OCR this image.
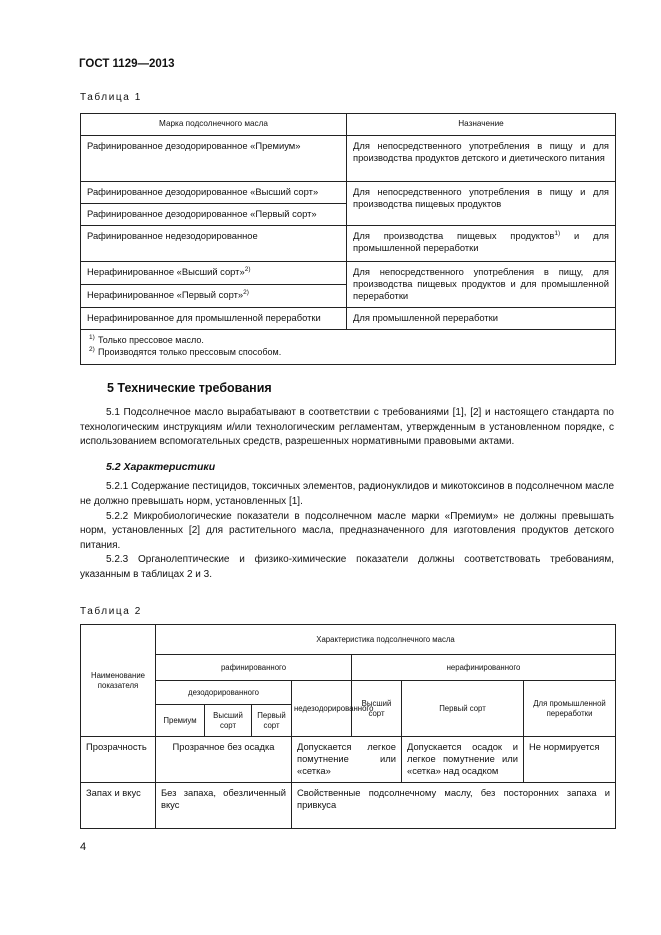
ГОСТ 1129—2013
Таблица 1
Марка подсолнечного масла	Назначение
Рафинированное дезодорированное «Премиум»	Для непосредственного употребления в пищу и для производства продуктов детского и диетического питания
Рафинированное дезодорированное «Высший сорт»	Для непосредственного употребления в пищу и для производства пищевых продуктов
Рафинированное дезодорированное «Первый сорт»	
Рафинированное недезодорированное	Для производства пищевых продуктов$^{1)}$ и для промышленной переработки
Нерафинированное «Высший сорт»$^{2)}$	Для непосредственного употребления в пищу, для производства пищевых продуктов и для промышленной переработки
Нерафинированное «Первый сорт»$^{2)}$
Нерафинированное для промышленной переработки	Для промышленной переработки

1) Только прессовое масло.
2) Производятся только прессовым способом.	
5 Технические требования

5.1 Подсолнечное масло вырабатывают в соответствии с требованиями [1], [2] и настоящего стандарта по технологическим инструкциям и/или технологическим регламентам, утвержденным в установленном порядке, с использованием вспомогательных средств, разрешенных нормативными правовыми актами.

5.2 Характеристики

5.2.1 Содержание пестицидов, токсичных элементов, радионуклидов и микотоксинов в подсолнечном масле не должно превышать норм, установленных [1].

5.2.2 Микробиологические показатели в подсолнечном масле марки «Премиум» не должны превышать норм, установленных [2] для растительного масла, предназначенного для изготовления продуктов детского питания.

5.2.3 Органолептические и физико-химические показатели должны соответствовать требованиям, указанным в таблицах 2 и 3.

Таблица 2
Наименование показателя	Характеристика подсолнечного масла						
	рафинированного				нерафинированного		
	дезодорированного			недезодорированного	Высший сорт	Первый сорт	Для промышленной переработки
	Премиум	Высший сорт	Первый сорт				
Прозрачность	Прозрачное без осадка			Допускается легкое помутнение или «сетка»		Допускается осадок и легкое помутнение или «сетка» над осадком	Не нормируется
Запах и вкус	Без запаха, обезличенный вкус			Свойственные подсолнечному маслу, без посторонних запаха и привкуса			
4
